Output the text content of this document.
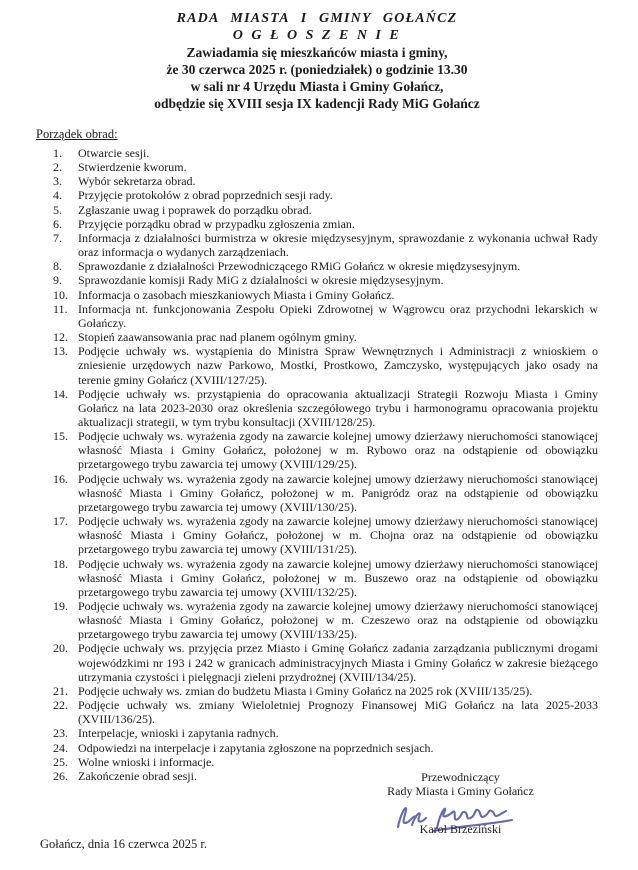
RADA MIASTA I GMINY GOŁAŃCZ
O G Ł O S Z E N I E
Zawiadamia się mieszkańców miasta i gminy,
że 30 czerwca 2025 r. (poniedziałek) o godzinie 13.30
w sali nr 4 Urzędu Miasta i Gminy Gołańcz,
odbędzie się XVIII sesja IX kadencji Rady MiG Gołańcz
Porządek obrad:
Otwarcie sesji.
Stwierdzenie kworum.
Wybór sekretarza obrad.
Przyjęcie protokołów z obrad poprzednich sesji rady.
Zgłaszanie uwag i poprawek do porządku obrad.
Przyjęcie porządku obrad w przypadku zgłoszenia zmian.
Informacja z działalności burmistrza w okresie międzysesyjnym, sprawozdanie z wykonania uchwał Rady oraz informacja o wydanych zarządzeniach.
Sprawozdanie z działalności Przewodniczącego RMiG Gołańcz w okresie międzysesyjnym.
Sprawozdanie komisji Rady MiG z działalności w okresie międzysesyjnym.
Informacja o zasobach mieszkaniowych Miasta i Gminy Gołańcz.
Informacja nt. funkcjonowania Zespołu Opieki Zdrowotnej w Wągrowcu oraz przychodni lekarskich w Gołańczy.
Stopień zaawansowania prac nad planem ogólnym gminy.
Podjęcie uchwały ws. wystąpienia do Ministra Spraw Wewnętrznych i Administracji z wnioskiem o zniesienie urzędowych nazw Parkowo, Mostki, Prostkowo, Zamczysko, występujących jako osady na terenie gminy Gołańcz (XVIII/127/25).
Podjęcie uchwały ws. przystąpienia do opracowania aktualizacji Strategii Rozwoju Miasta i Gminy Gołańcz na lata 2023-2030 oraz określenia szczegółowego trybu i harmonogramu opracowania projektu aktualizacji strategii, w tym trybu konsultacji (XVIII/128/25).
Podjęcie uchwały ws. wyrażenia zgody na zawarcie kolejnej umowy dzierżawy nieruchomości stanowiącej własność Miasta i Gminy Gołańcz, położonej w m. Rybowo oraz na odstąpienie od obowiązku przetargowego trybu zawarcia tej umowy (XVIII/129/25).
Podjęcie uchwały ws. wyrażenia zgody na zawarcie kolejnej umowy dzierżawy nieruchomości stanowiącej własność Miasta i Gminy Gołańcz, położonej w m. Panigródz oraz na odstąpienie od obowiązku przetargowego trybu zawarcia tej umowy (XVIII/130/25).
Podjęcie uchwały ws. wyrażenia zgody na zawarcie kolejnej umowy dzierżawy nieruchomości stanowiącej własność Miasta i Gminy Gołańcz, położonej w m. Chojna oraz na odstąpienie od obowiązku przetargowego trybu zawarcia tej umowy (XVIII/131/25).
Podjęcie uchwały ws. wyrażenia zgody na zawarcie kolejnej umowy dzierżawy nieruchomości stanowiącej własność Miasta i Gminy Gołańcz, położonej w m. Buszewo oraz na odstąpienie od obowiązku przetargowego trybu zawarcia tej umowy (XVIII/132/25).
Podjęcie uchwały ws. wyrażenia zgody na zawarcie kolejnej umowy dzierżawy nieruchomości stanowiącej własność Miasta i Gminy Gołańcz, położonej w m. Czeszewo oraz na odstąpienie od obowiązku przetargowego trybu zawarcia tej umowy (XVIII/133/25).
Podjęcie uchwały ws. przyjęcia przez Miasto i Gminę Gołańcz zadania zarządzania publicznymi drogami wojewódzkimi nr 193 i 242 w granicach administracyjnych Miasta i Gminy Gołańcz w zakresie bieżącego utrzymania czystości i pielęgnacji zieleni przydrożnej (XVIII/134/25).
Podjęcie uchwały ws. zmian do budżetu Miasta i Gminy Gołańcz na 2025 rok (XVIII/135/25).
Podjęcie uchwały ws. zmiany Wieloletniej Prognozy Finansowej MiG Gołańcz na lata 2025-2033 (XVIII/136/25).
Interpelacje, wnioski i zapytania radnych.
Odpowiedzi na interpelacje i zapytania zgłoszone na poprzednich sesjach.
Wolne wnioski i informacje.
Zakończenie obrad sesji.	Przewodniczący
Rady Miasta i Gminy Gołańcz
Karol Brzeziński
Gołańcz, dnia 16 czerwca 2025 r.
